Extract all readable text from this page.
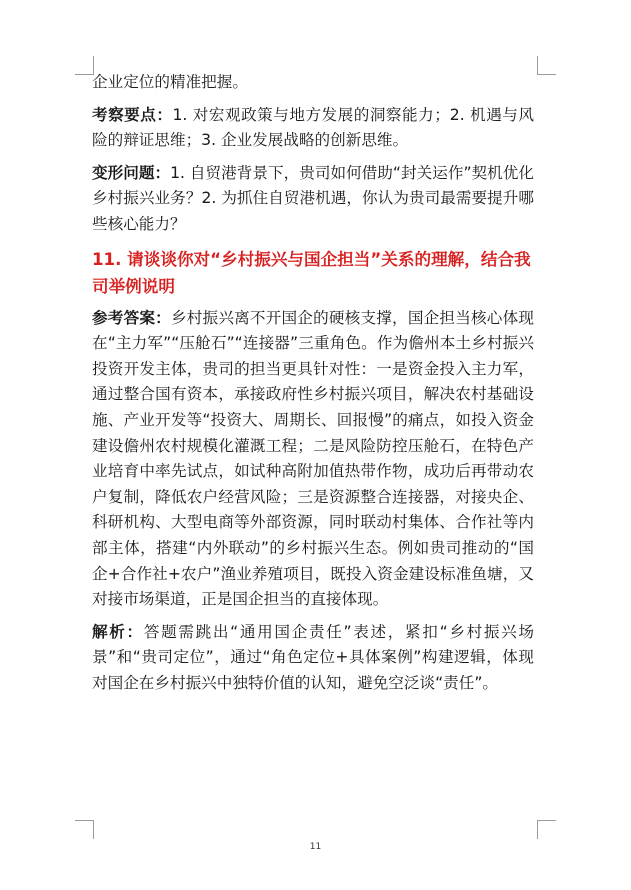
企业定位的精准把握。

考察要点：1. 对宏观政策与地方发展的洞察能力；2. 机遇与风险的辩证思维；3. 企业发展战略的创新思维。

变形问题：1. 自贸港背景下，贵司如何借助“封关运作”契机优化乡村振兴业务？2. 为抓住自贸港机遇，你认为贵司最需要提升哪些核心能力？

11. 请谈谈你对“乡村振兴与国企担当”关系的理解，结合我司举例说明

参考答案：乡村振兴离不开国企的硬核支撑，国企担当核心体现在“主力军”“压舱石”“连接器”三重角色。作为儋州本土乡村振兴投资开发主体，贵司的担当更具针对性：一是资金投入主力军，通过整合国有资本，承接政府性乡村振兴项目，解决农村基础设施、产业开发等“投资大、周期长、回报慢”的痛点，如投入资金建设儋州农村规模化灌溉工程；二是风险防控压舱石，在特色产业培育中率先试点，如试种高附加值热带作物，成功后再带动农户复制，降低农户经营风险；三是资源整合连接器，对接央企、科研机构、大型电商等外部资源，同时联动村集体、合作社等内部主体，搭建“内外联动”的乡村振兴生态。例如贵司推动的“国企+合作社+农户”渔业养殖项目，既投入资金建设标准鱼塘，又对接市场渠道，正是国企担当的直接体现。

解析：答题需跳出“通用国企责任”表述，紧扣“乡村振兴场景”和“贵司定位”，通过“角色定位+具体案例”构建逻辑，体现对国企在乡村振兴中独特价值的认知，避免空泛谈“责任”。

11
